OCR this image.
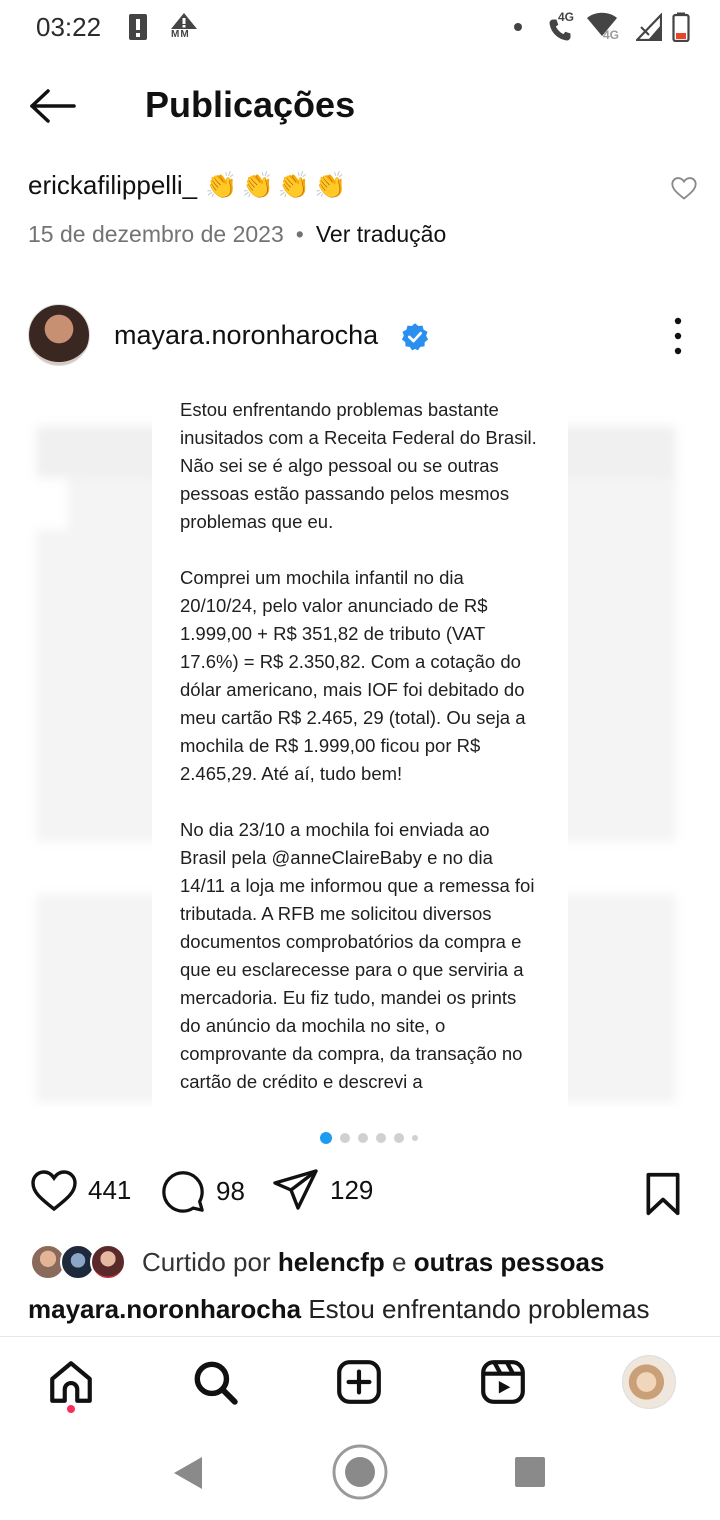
03:22	MM
4G
4G
Publicações
erickafilippelli_ 👏👏👏👏
15 de dezembro de 2023 • Ver tradução
mayara.noronharocha

Estou enfrentando problemas bastante inusitados com a Receita Federal do Brasil. Não sei se é algo pessoal ou se outras pessoas estão passando pelos mesmos problemas que eu.

Comprei um mochila infantil no dia 20/10/24, pelo valor anunciado de R$ 1.999,00 + R$ 351,82 de tributo (VAT 17.6%) = R$ 2.350,82. Com a cotação do dólar americano, mais IOF foi debitado do meu cartão R$ 2.465, 29 (total). Ou seja a mochila de R$ 1.999,00 ficou por R$ 2.465,29. Até aí, tudo bem!

No dia 23/10 a mochila foi enviada ao Brasil pela @anneClaireBaby e no dia 14/11 a loja me informou que a remessa foi tributada. A RFB me solicitou diversos documentos comprobatórios da compra e que eu esclarecesse para o que serviria a mercadoria. Eu fiz tudo, mandei os prints do anúncio da mochila no site, o comprovante da compra, da transação no cartão de crédito e descrevi a

441	98	129
Curtido por helencfp e outras pessoas
mayara.noronharocha Estou enfrentando problemas
